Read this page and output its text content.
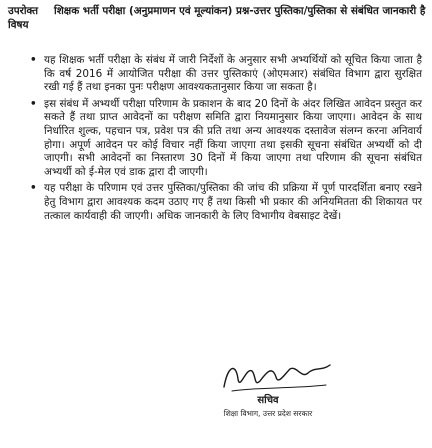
उपरोक्त विषय
शिक्षक भर्ती परीक्षा (अनुप्रमाणन एवं मूल्यांकन) प्रश्न-उत्तर पुस्तिका/पुस्तिका से संबंधित जानकारी है
• यह शिक्षक भर्ती परीक्षा के संबंध में जारी निर्देशों के अनुसार सभी अभ्यर्थियों को सूचित किया जाता है कि वर्ष 2016 में आयोजित परीक्षा की उत्तर पुस्तिकाएं (ओएमआर) संबंधित विभाग द्वारा सुरक्षित रखी गई हैं तथा इनका पुनः परीक्षण आवश्यकतानुसार किया जा सकता है।
• इस संबंध में अभ्यर्थी परीक्षा परिणाम के प्रकाशन के बाद 20 दिनों के अंदर लिखित आवेदन प्रस्तुत कर सकते हैं तथा प्राप्त आवेदनों का परीक्षण समिति द्वारा नियमानुसार किया जाएगा। आवेदन के साथ निर्धारित शुल्क, पहचान पत्र, प्रवेश पत्र की प्रति तथा अन्य आवश्यक दस्तावेज संलग्न करना अनिवार्य होगा। अपूर्ण आवेदन पर कोई विचार नहीं किया जाएगा तथा इसकी सूचना संबंधित अभ्यर्थी को दी जाएगी। सभी आवेदनों का निस्तारण 30 दिनों में किया जाएगा तथा परिणाम की सूचना संबंधित अभ्यर्थी को ई-मेल एवं डाक द्वारा दी जाएगी।
• यह परीक्षा के परिणाम एवं उत्तर पुस्तिका/पुस्तिका की जांच की प्रक्रिया में पूर्ण पारदर्शिता बनाए रखने हेतु विभाग द्वारा आवश्यक कदम उठाए गए हैं तथा किसी भी प्रकार की अनियमितता की शिकायत पर तत्काल कार्यवाही की जाएगी। अधिक जानकारी के लिए विभागीय वेबसाइट देखें।
सचिव
शिक्षा विभाग, उत्तर प्रदेश सरकार
